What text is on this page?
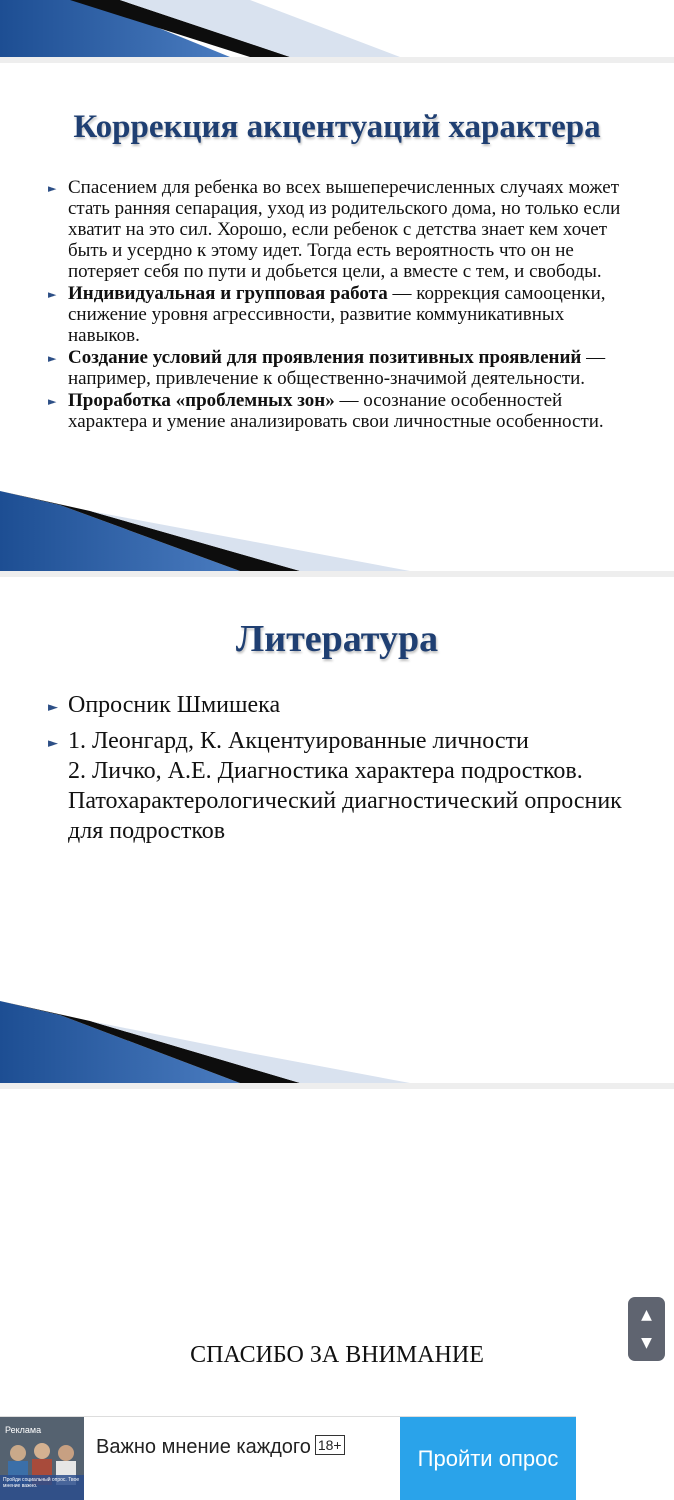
Коррекция акцентуаций характера
► Спасением для ребенка во всех вышеперечисленных случаях может стать ранняя сепарация, уход из родительского дома, но только если хватит на это сил. Хорошо, если ребенок с детства знает кем хочет быть и усердно к этому идет. Тогда есть вероятность что он не потеряет себя по пути и добьется цели, а вместе с тем, и свободы.
► Индивидуальная и групповая работа — коррекция самооценки, снижение уровня агрессивности, развитие коммуникативных навыков.
► Создание условий для проявления позитивных проявлений — например, привлечение к общественно-значимой деятельности.
► Проработка «проблемных зон» — осознание особенностей характера и умение анализировать свои личностные особенности.
Литература
► Опросник Шмишека
► 1. Леонгард, К. Акцентуированные личности
2. Личко, А.Е. Диагностика характера подростков. Патохарактерологический диагностический опросник для подростков
СПАСИБО ЗА ВНИМАНИЕ
▲
▼
Реклама
Пройди социальный опрос. Твое мнение важно.
Важно мнение каждого 18+
Пройти опрос
